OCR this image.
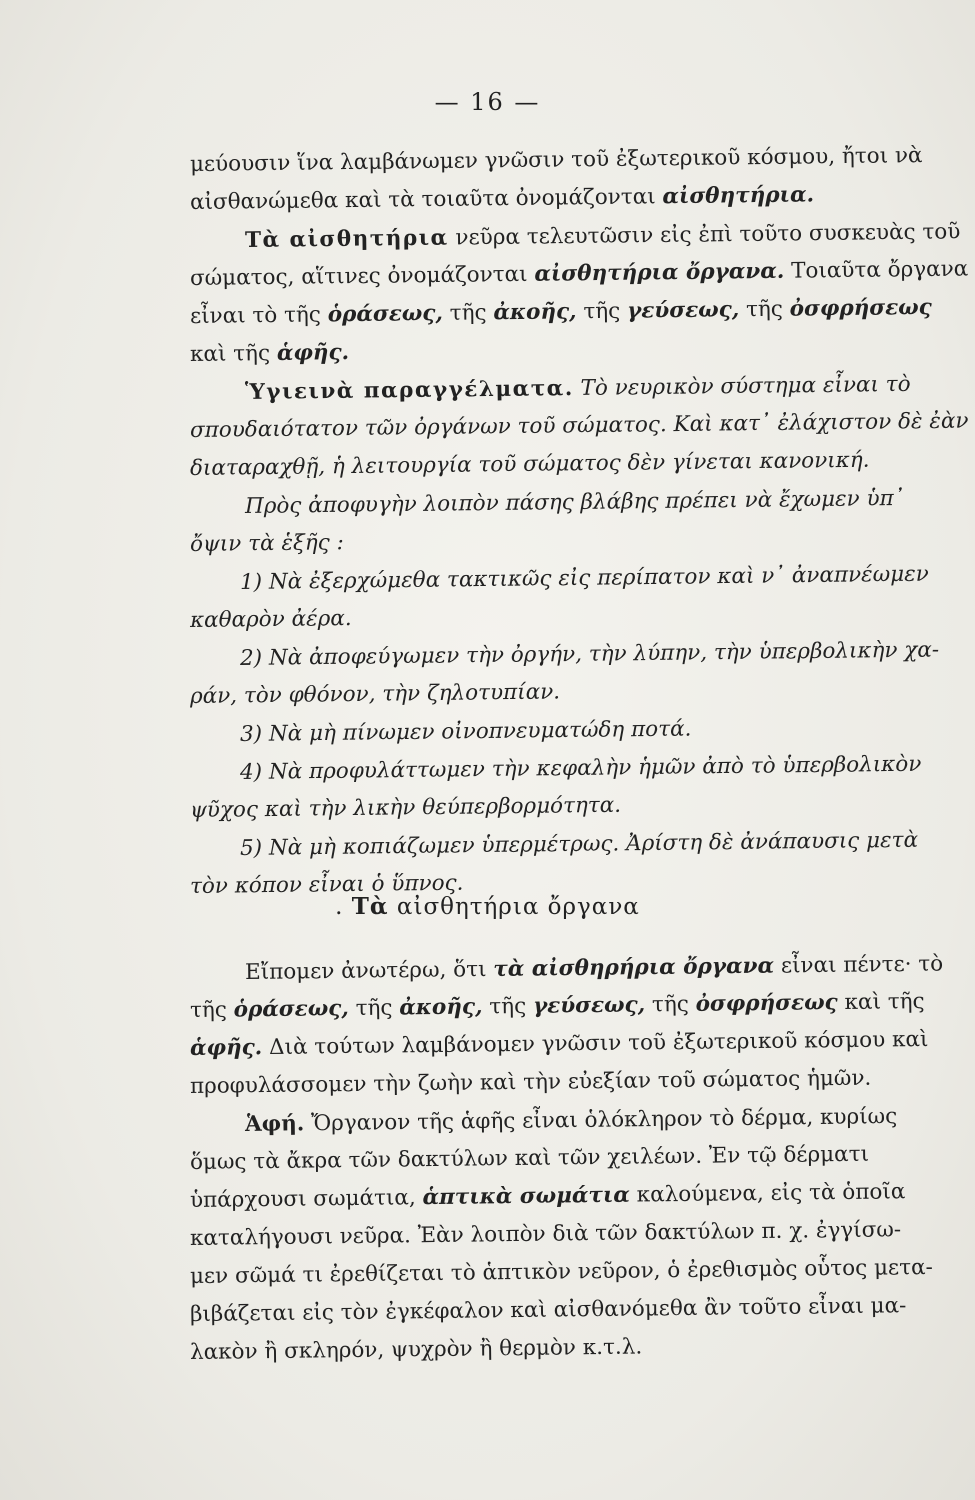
— 16 —
μεύουσιν ἵνα λαμβάνωμεν γνῶσιν τοῦ ἐξωτερικοῦ κόσμου, ἤτοι νὰ
αἰσθανώμεθα καὶ τὰ τοιαῦτα ὀνομάζονται αἰσθητήρια.
Τὰ αἰσθητήρια νεῦρα τελευτῶσιν εἰς ἐπὶ τοῦτο συσκευὰς τοῦ
σώματος, αἵτινες ὀνομάζονται αἰσθητήρια ὄργανα. Τοιαῦτα ὄργανα
εἶναι τὸ τῆς ὁράσεως, τῆς ἀκοῆς, τῆς γεύσεως, τῆς ὀσφρήσεως
καὶ τῆς ἁφῆς.
Ὑγιεινὰ παραγγέλματα. Τὸ νευρικὸν σύστημα εἶναι τὸ
σπουδαιότατον τῶν ὀργάνων τοῦ σώματος. Καὶ κατ᾽ ἐλάχιστον δὲ ἐὰν
διαταραχθῇ, ἡ λειτουργία τοῦ σώματος δὲν γίνεται κανονική.
Πρὸς ἀποφυγὴν λοιπὸν πάσης βλάβης πρέπει νὰ ἔχωμεν ὑπ᾽
ὄψιν τὰ ἑξῆς :
1) Νὰ ἐξερχώμεθα τακτικῶς εἰς περίπατον καὶ ν᾽ ἀναπνέωμεν
καθαρὸν ἀέρα.
2) Νὰ ἀποφεύγωμεν τὴν ὀργήν, τὴν λύπην, τὴν ὑπερβολικὴν χα-
ράν, τὸν φθόνον, τὴν ζηλοτυπίαν.
3) Νὰ μὴ πίνωμεν οἰνοπνευματώδη ποτά.
4) Νὰ προφυλάττωμεν τὴν κεφαλὴν ἡμῶν ἀπὸ τὸ ὑπερβολικὸν
ψῦχος καὶ τὴν λικὴν θεύπερβορμότητα.
5) Νὰ μὴ κοπιάζωμεν ὑπερμέτρως. Ἀρίστη δὲ ἀνάπαυσις μετὰ
τὸν κόπον εἶναι ὁ ὕπνος.
. Τὰ αἰσθητήρια ὄργανα
Εἴπομεν ἀνωτέρω, ὅτι τὰ αἰσθηρήρια ὄργανα εἶναι πέντε· τὸ
τῆς ὁράσεως, τῆς ἀκοῆς, τῆς γεύσεως, τῆς ὀσφρήσεως καὶ τῆς
ἁφῆς. Διὰ τούτων λαμβάνομεν γνῶσιν τοῦ ἐξωτερικοῦ κόσμου καὶ
προφυλάσσομεν τὴν ζωὴν καὶ τὴν εὐεξίαν τοῦ σώματος ἡμῶν.
Ἁφή. Ὄργανον τῆς ἁφῆς εἶναι ὁλόκληρον τὸ δέρμα, κυρίως
ὅμως τὰ ἄκρα τῶν δακτύλων καὶ τῶν χειλέων. Ἐν τῷ δέρματι
ὑπάρχουσι σωμάτια, ἁπτικὰ σωμάτια καλούμενα, εἰς τὰ ὁποῖα
καταλήγουσι νεῦρα. Ἐὰν λοιπὸν διὰ τῶν δακτύλων π. χ. ἐγγίσω-
μεν σῶμά τι ἐρεθίζεται τὸ ἁπτικὸν νεῦρον, ὁ ἐρεθισμὸς οὗτος μετα-
βιβάζεται εἰς τὸν ἐγκέφαλον καὶ αἰσθανόμεθα ἂν τοῦτο εἶναι μα-
λακὸν ἢ σκληρόν, ψυχρὸν ἢ θερμὸν κ.τ.λ.
